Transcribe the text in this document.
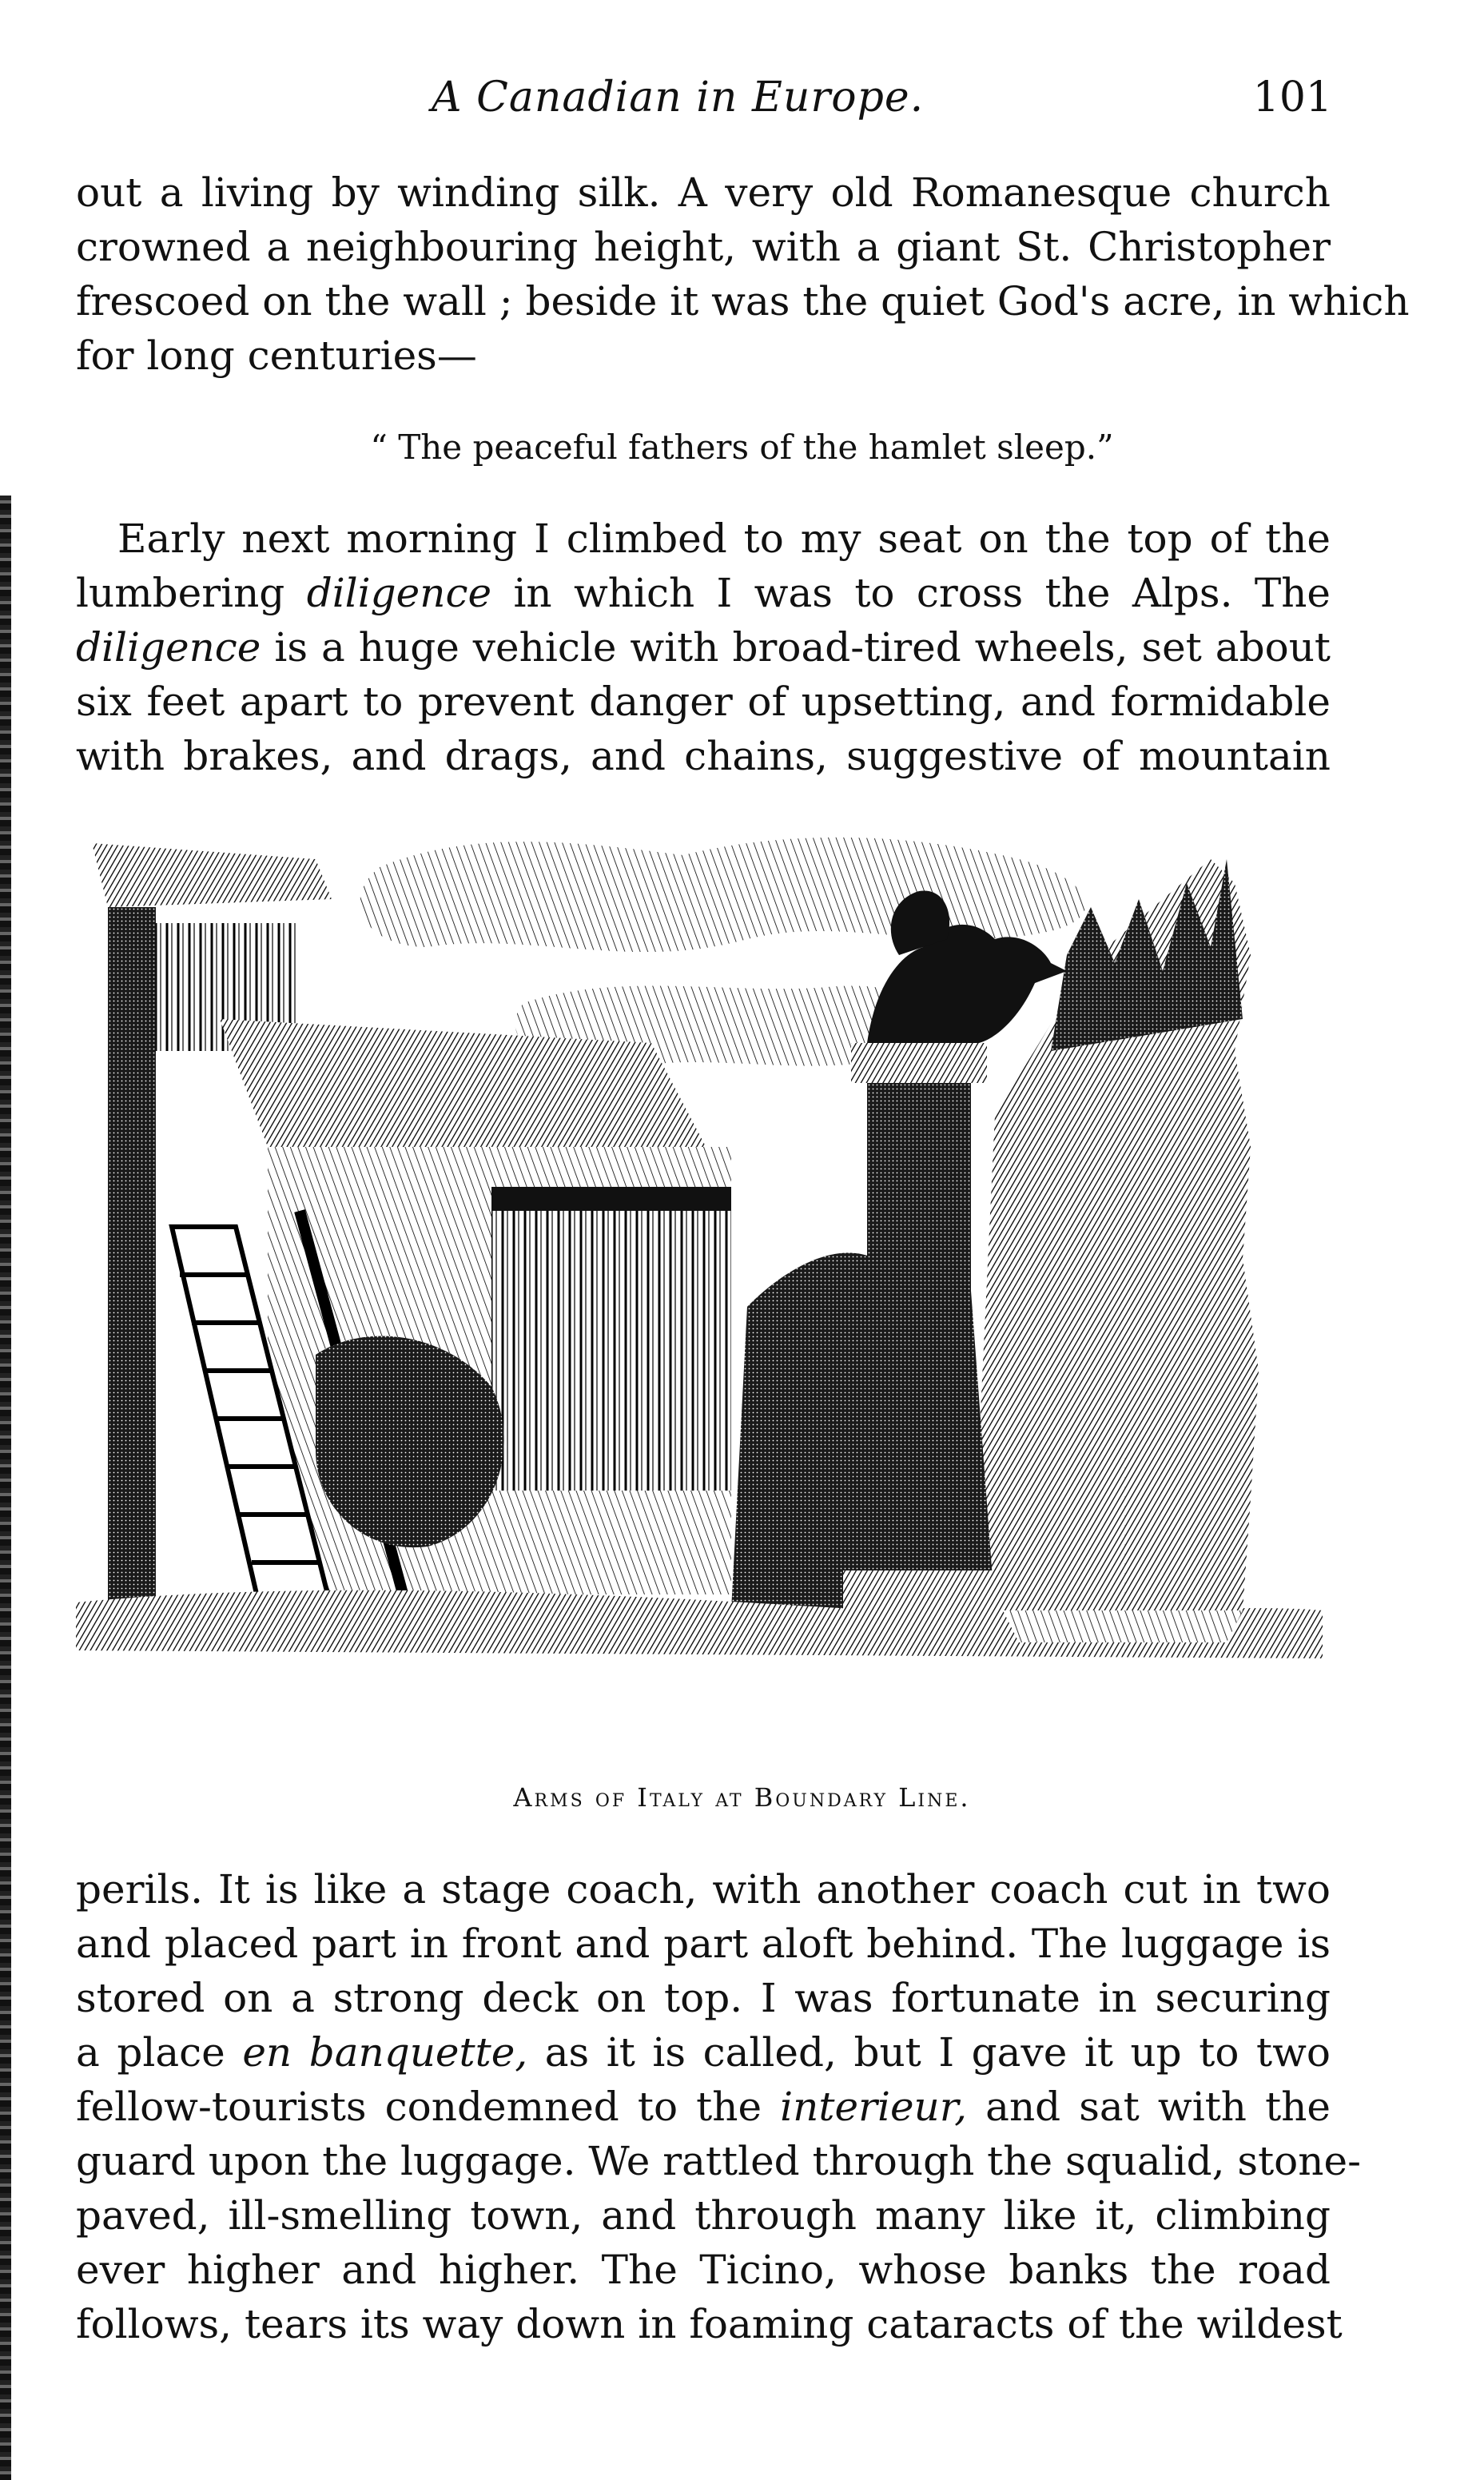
A Canadian in Europe.	101
out a living by winding silk. A very old Romanesque church
crowned a neighbouring height, with a giant St. Christopher
frescoed on the wall ; beside it was the quiet God's acre, in which
for long centuries—
“ The peaceful fathers of the hamlet sleep.”
Early next morning I climbed to my seat on the top of the
lumbering diligence in which I was to cross the Alps. The
diligence is a huge vehicle with broad-tired wheels, set about
six feet apart to prevent danger of upsetting, and formidable
with brakes, and drags, and chains, suggestive of mountain
Arms of Italy at Boundary Line.
perils. It is like a stage coach, with another coach cut in two
and placed part in front and part aloft behind. The luggage is
stored on a strong deck on top. I was fortunate in securing
a place en banquette, as it is called, but I gave it up to two
fellow-tourists condemned to the interieur, and sat with the
guard upon the luggage. We rattled through the squalid, stone-
paved, ill-smelling town, and through many like it, climbing
ever higher and higher. The Ticino, whose banks the road
follows, tears its way down in foaming cataracts of the wildest
